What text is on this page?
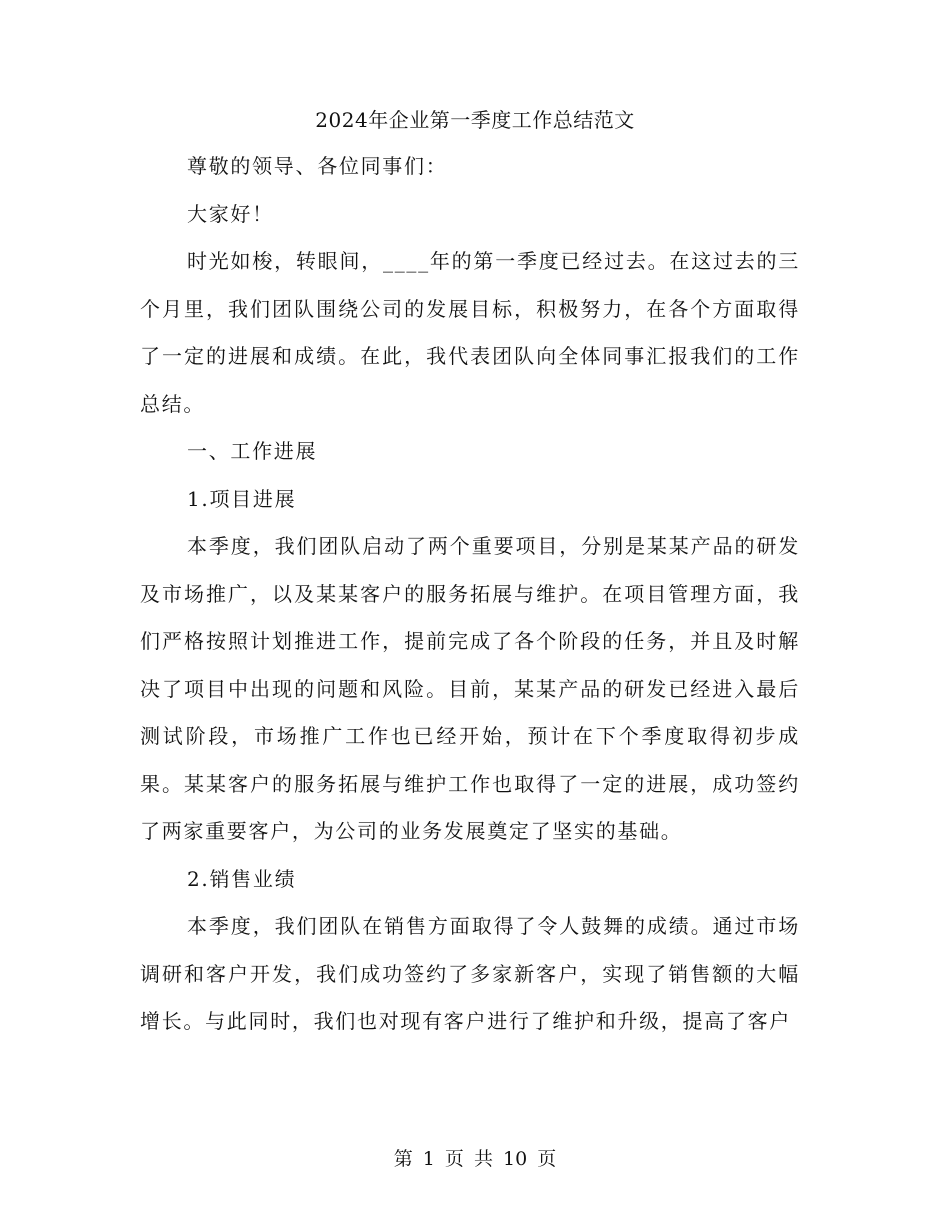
2024年企业第一季度工作总结范文

尊敬的领导、各位同事们：

大家好！

时光如梭，转眼间，____年的第一季度已经过去。在这过去的三个月里，我们团队围绕公司的发展目标，积极努力，在各个方面取得了一定的进展和成绩。在此，我代表团队向全体同事汇报我们的工作总结。

一、工作进展

1.项目进展

本季度，我们团队启动了两个重要项目，分别是某某产品的研发及市场推广，以及某某客户的服务拓展与维护。在项目管理方面，我们严格按照计划推进工作，提前完成了各个阶段的任务，并且及时解决了项目中出现的问题和风险。目前，某某产品的研发已经进入最后测试阶段，市场推广工作也已经开始，预计在下个季度取得初步成果。某某客户的服务拓展与维护工作也取得了一定的进展，成功签约了两家重要客户，为公司的业务发展奠定了坚实的基础。

2.销售业绩

本季度，我们团队在销售方面取得了令人鼓舞的成绩。通过市场调研和客户开发，我们成功签约了多家新客户，实现了销售额的大幅增长。与此同时，我们也对现有客户进行了维护和升级，提高了客户

第 1 页 共 10 页
